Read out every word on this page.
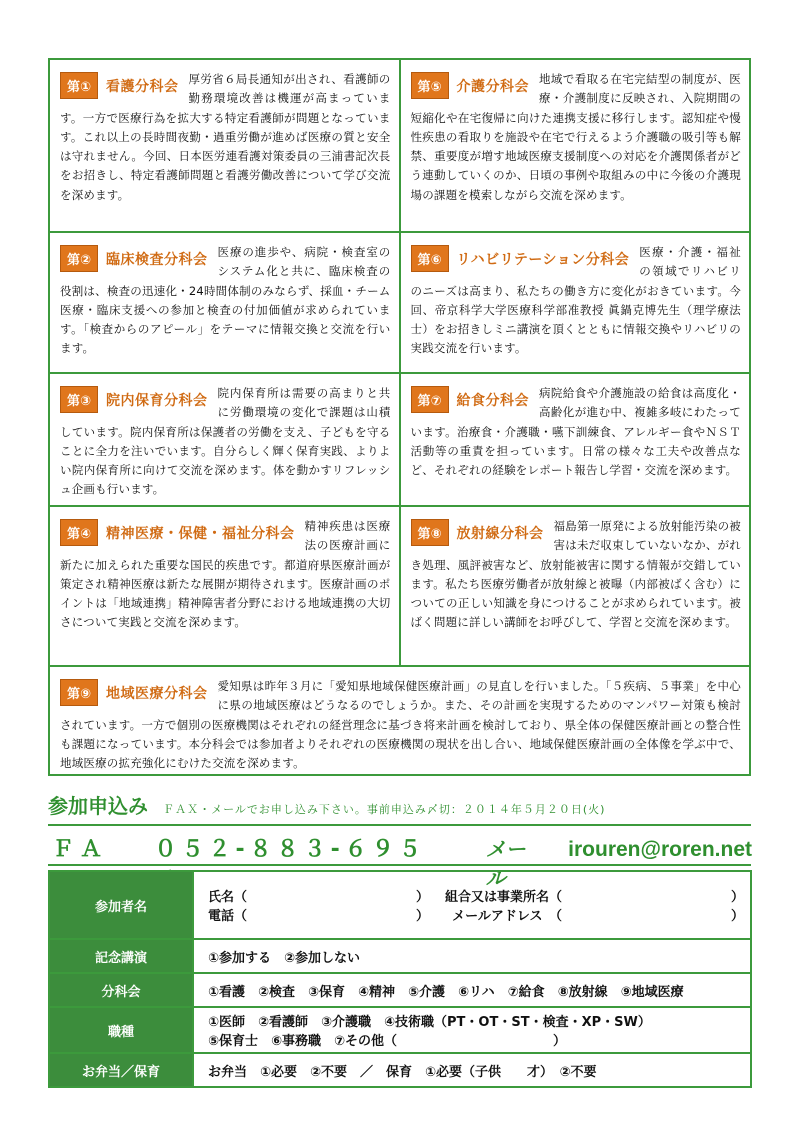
第①	看護分科会 厚労省６局長通知が出され、看護師の勤務環境改善は機運が高まっています。一方で医療行為を拡大する特定看護師が問題となっています。これ以上の長時間夜勤・過重労働が進めば医療の質と安全は守れません。今回、日本医労連看護対策委員の三浦書記次長をお招きし、特定看護師問題と看護労働改善について学び交流を深めます。
第⑤	介護分科会 地域で看取る在宅完結型の制度が、医療・介護制度に反映され、入院期間の短縮化や在宅復帰に向けた連携支援に移行します。認知症や慢性疾患の看取りを施設や在宅で行えるよう介護職の吸引等も解禁、重要度が増す地域医療支援制度への対応を介護関係者がどう連動していくのか、日頃の事例や取組みの中に今後の介護現場の課題を模索しながら交流を深めます。
第②	臨床検査分科会 医療の進歩や、病院・検査室のシステム化と共に、臨床検査の役割は、検査の迅速化・24時間体制のみならず、採血・チーム医療・臨床支援への参加と検査の付加価値が求められています。「検査からのアピール」をテーマに情報交換と交流を行います。
第⑥	リハビリテーション分科会 医療・介護・福祉の領域でリハビリのニーズは高まり、私たちの働き方に変化がおきています。今回、帝京科学大学医療科学部准教授 眞鍋克博先生（理学療法士）をお招きしミニ講演を頂くとともに情報交換やリハビリの実践交流を行います。
第③	院内保育分科会 院内保育所は需要の高まりと共に労働環境の変化で課題は山積しています。院内保育所は保護者の労働を支え、子どもを守ることに全力を注いでいます。自分らしく輝く保育実践、よりよい院内保育所に向けて交流を深めます。体を動かすリフレッシュ企画も行います。
第⑦	給食分科会 病院給食や介護施設の給食は高度化・高齢化が進む中、複雑多岐にわたっています。治療食・介護職・嚥下訓練食、アレルギー食やＮＳＴ活動等の重責を担っています。日常の様々な工夫や改善点など、それぞれの経験をレポート報告し学習・交流を深めます。
第④	精神医療・保健・福祉分科会 精神疾患は医療法の医療計画に新たに加えられた重要な国民的疾患です。都道府県医療計画が策定され精神医療は新たな展開が期待されます。医療計画のポイントは「地域連携」精神障害者分野における地域連携の大切さについて実践と交流を深めます。
第⑧	放射線分科会 福島第一原発による放射能汚染の被害は未だ収束していないなか、がれき処理、風評被害など、放射能被害に関する情報が交錯しています。私たち医療労働者が放射線と被曝（内部被ばく含む）についての正しい知識を身につけることが求められています。被ばく問題に詳しい講師をお呼びして、学習と交流を深めます。
第⑨	地域医療分科会 愛知県は昨年３月に「愛知県地域保健医療計画」の見直しを行いました。「５疾病、５事業」を中心に県の地域医療はどうなるのでしょうか。また、その計画を実現するためのマンパワー対策も検討されています。一方で個別の医療機関はそれぞれの経営理念に基づき将来計画を検討しており、県全体の保健医療計画との整合性も課題になっています。本分科会では参加者よりそれぞれの医療機関の現状を出し合い、地域保健医療計画の全体像を学ぶ中で、地域医療の拡充強化にむけた交流を深めます。
参加申込み ＦＡＸ・メールでお申し込み下さい。事前申込み〆切：２０１４年５月２０日(火)
ＦＡ	０５２-８８３-６９５	メール
irouren@roren.net
参加者名	氏名（　　　　　　　　　　　　　） 組合又は事業所名（　　　　　　　　　　　　　）
電話（　　　　　　　　　　　　　） メールアドレス　（　　　　　　　　　　　　　）

記念講演	①参加する　②参加しない
分科会	①看護　②検査　③保育　④精神　⑤介護　⑥リハ　⑦給食　⑧放射線　⑨地域医療
職種	①医師　②看護師　③介護職　④技術職（PT・OT・ST・検査・XP・SW）
⑤保育士　⑥事務職　⑦その他（　　　　　　　　　　　　）

お弁当／保育	お弁当　①必要　②不要　／　保育　①必要（子供　　才）　②不要
